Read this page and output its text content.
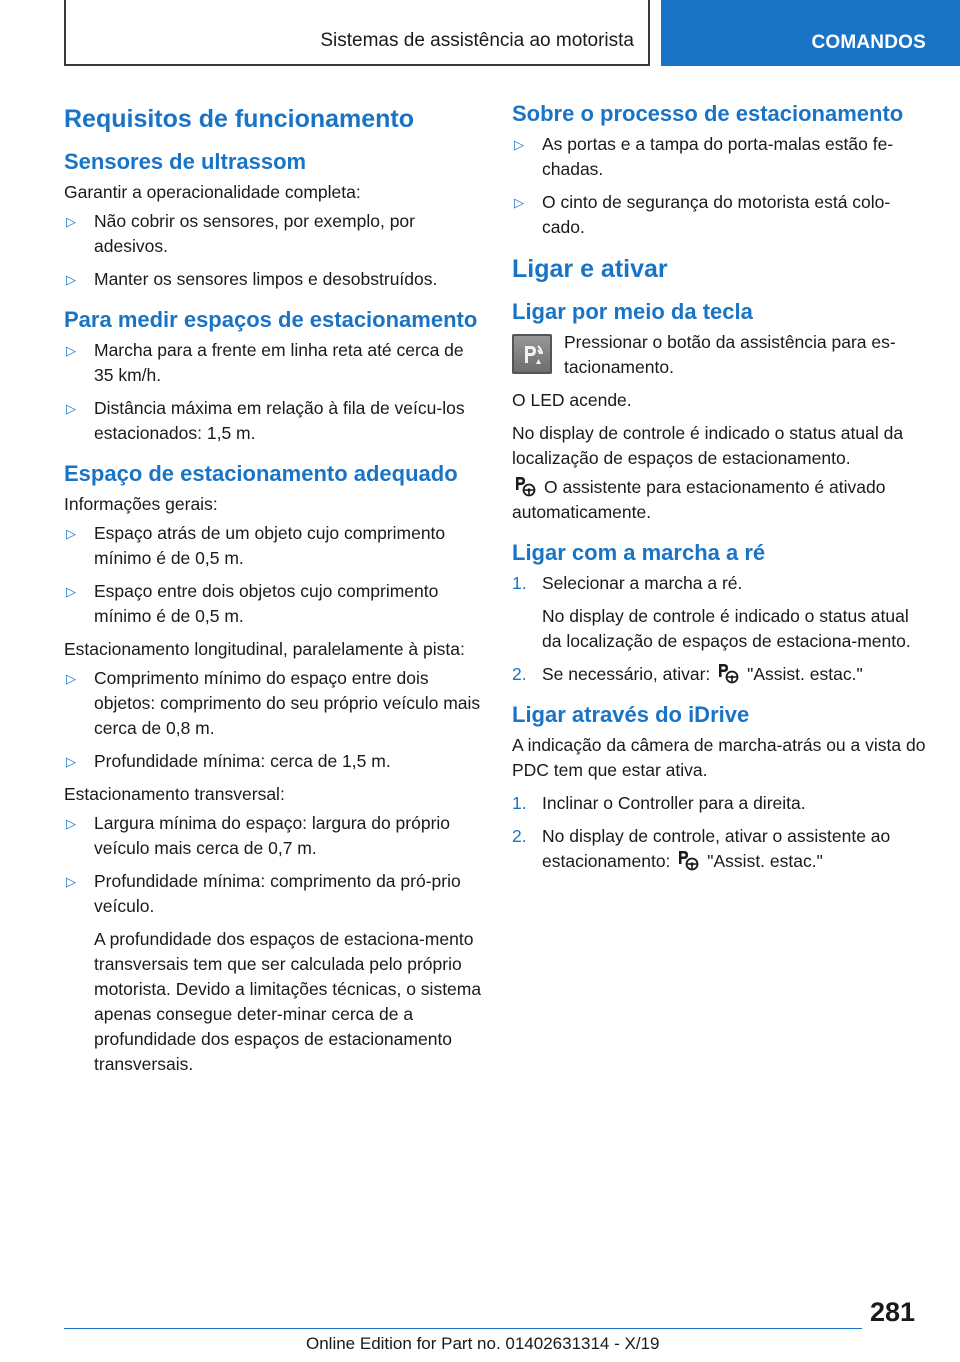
Sistemas de assistência ao motorista	COMANDOS
Requisitos de funcionamento
Sensores de ultrassom

Garantir a operacionalidade completa:

▷	Não cobrir os sensores, por exemplo, por adesivos.
▷	Manter os sensores limpos e desobstruídos.
Para medir espaços de estacionamento
▷	Marcha para a frente em linha reta até cerca de 35 km/h.
▷	Distância máxima em relação à fila de veícu-los estacionados: 1,5 m.
Espaço de estacionamento adequado

Informações gerais:

▷	Espaço atrás de um objeto cujo comprimento mínimo é de 0,5 m.
▷	Espaço entre dois objetos cujo comprimento mínimo é de 0,5 m.

Estacionamento longitudinal, paralelamente à pista:

▷	Comprimento mínimo do espaço entre dois objetos: comprimento do seu próprio veículo mais cerca de 0,8 m.
▷	Profundidade mínima: cerca de 1,5 m.

Estacionamento transversal:

▷	Largura mínima do espaço: largura do próprio veículo mais cerca de 0,7 m.
▷	Profundidade mínima: comprimento da pró-prio veículo.

A profundidade dos espaços de estaciona-mento transversais tem que ser calculada pelo próprio motorista. Devido a limitações técnicas, o sistema apenas consegue deter-minar cerca de a profundidade dos espaços de estacionamento transversais.

Sobre o processo de estacionamento
▷	As portas e a tampa do porta-malas estão fe-chadas.
▷	O cinto de segurança do motorista está colo-cado.
Ligar e ativar
Ligar por meio da tecla
Pressionar o botão da assistência para es-tacionamento.

O LED acende.

No display de controle é indicado o status atual da localização de espaços de estacionamento.

O assistente para estacionamento é ativado automaticamente.

Ligar com a marcha a ré
1. Selecionar a marcha a ré.

No display de controle é indicado o status atual da localização de espaços de estaciona-mento.

2. Se necessário, ativar: "Assist. estac."
Ligar através do iDrive

A indicação da câmera de marcha-atrás ou a vista do PDC tem que estar ativa.

1. Inclinar o Controller para a direita.
2. No display de controle, ativar o assistente ao estacionamento: "Assist. estac."
281
Online Edition for Part no. 01402631314 - X/19
